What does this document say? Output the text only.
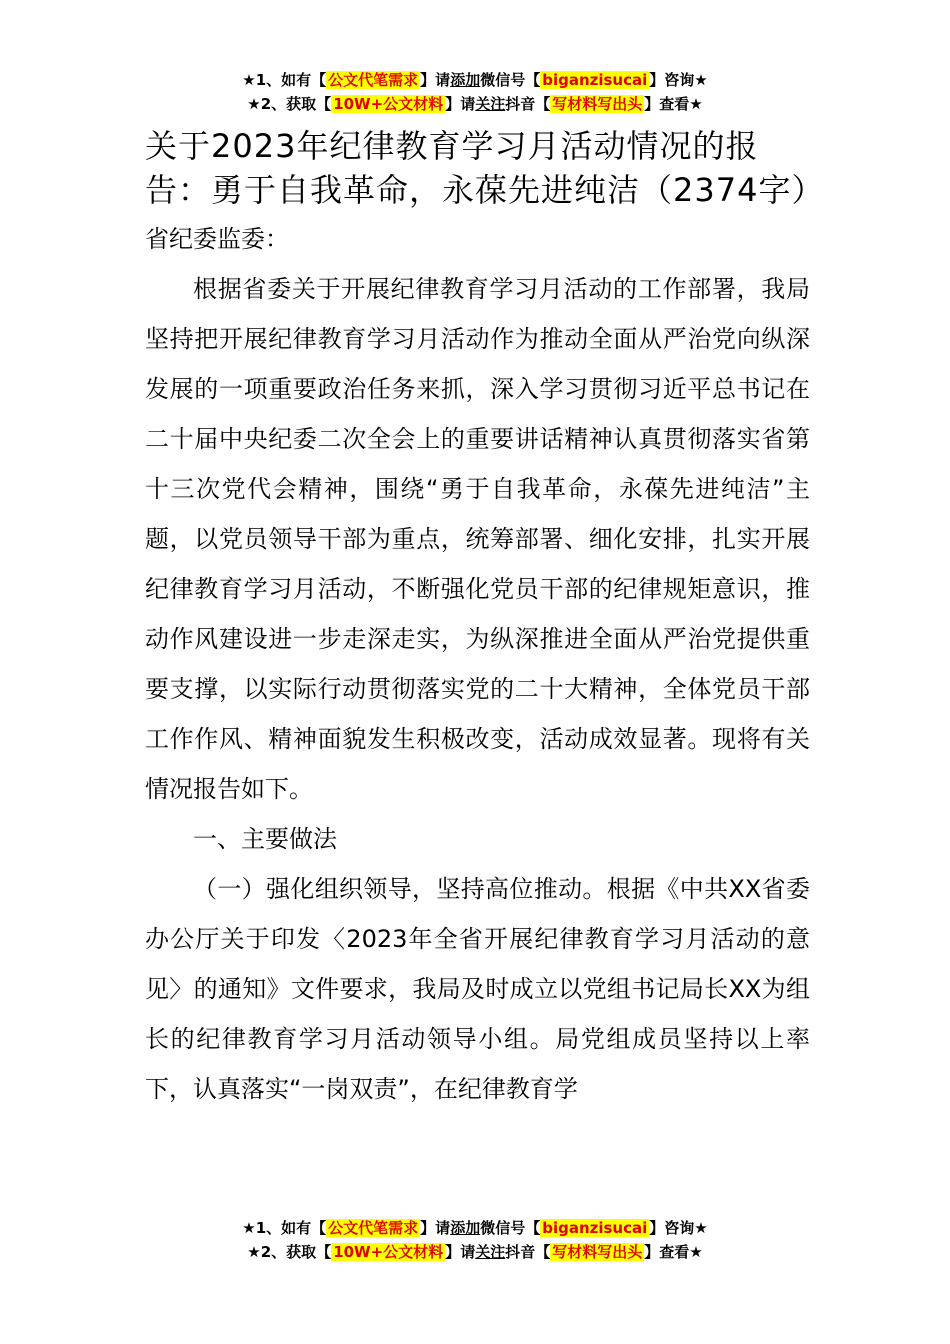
★1、如有【 公文代笔需求 】请添加微信号【 biganzisucai 】咨询★
★2、获取【 10W+公文材料 】请关注抖音【 写材料写出头 】查看★
关于2023年纪律教育学习月活动情况的报告：勇于自我革命，永葆先进纯洁（2374字）

省纪委监委：

根据省委关于开展纪律教育学习月活动的工作部署，我局坚持把开展纪律教育学习月活动作为推动全面从严治党向纵深发展的一项重要政治任务来抓，深入学习贯彻习近平总书记在二十届中央纪委二次全会上的重要讲话精神认真贯彻落实省第十三次党代会精神，围绕“勇于自我革命，永葆先进纯洁”主题，以党员领导干部为重点，统筹部署、细化安排，扎实开展纪律教育学习月活动，不断强化党员干部的纪律规矩意识，推动作风建设进一步走深走实，为纵深推进全面从严治党提供重要支撑，以实际行动贯彻落实党的二十大精神，全体党员干部工作作风、精神面貌发生积极改变，活动成效显著。现将有关情况报告如下。

一、主要做法

（一）强化组织领导，坚持高位推动。根据《中共XX省委办公厅关于印发〈2023年全省开展纪律教育学习月活动的意见〉的通知》文件要求，我局及时成立以党组书记局长XX为组长的纪律教育学习月活动领导小组。局党组成员坚持以上率下，认真落实“一岗双责”，在纪律教育学

★1、如有【 公文代笔需求 】请添加微信号【 biganzisucai 】咨询★
★2、获取【 10W+公文材料 】请关注抖音【 写材料写出头 】查看★
